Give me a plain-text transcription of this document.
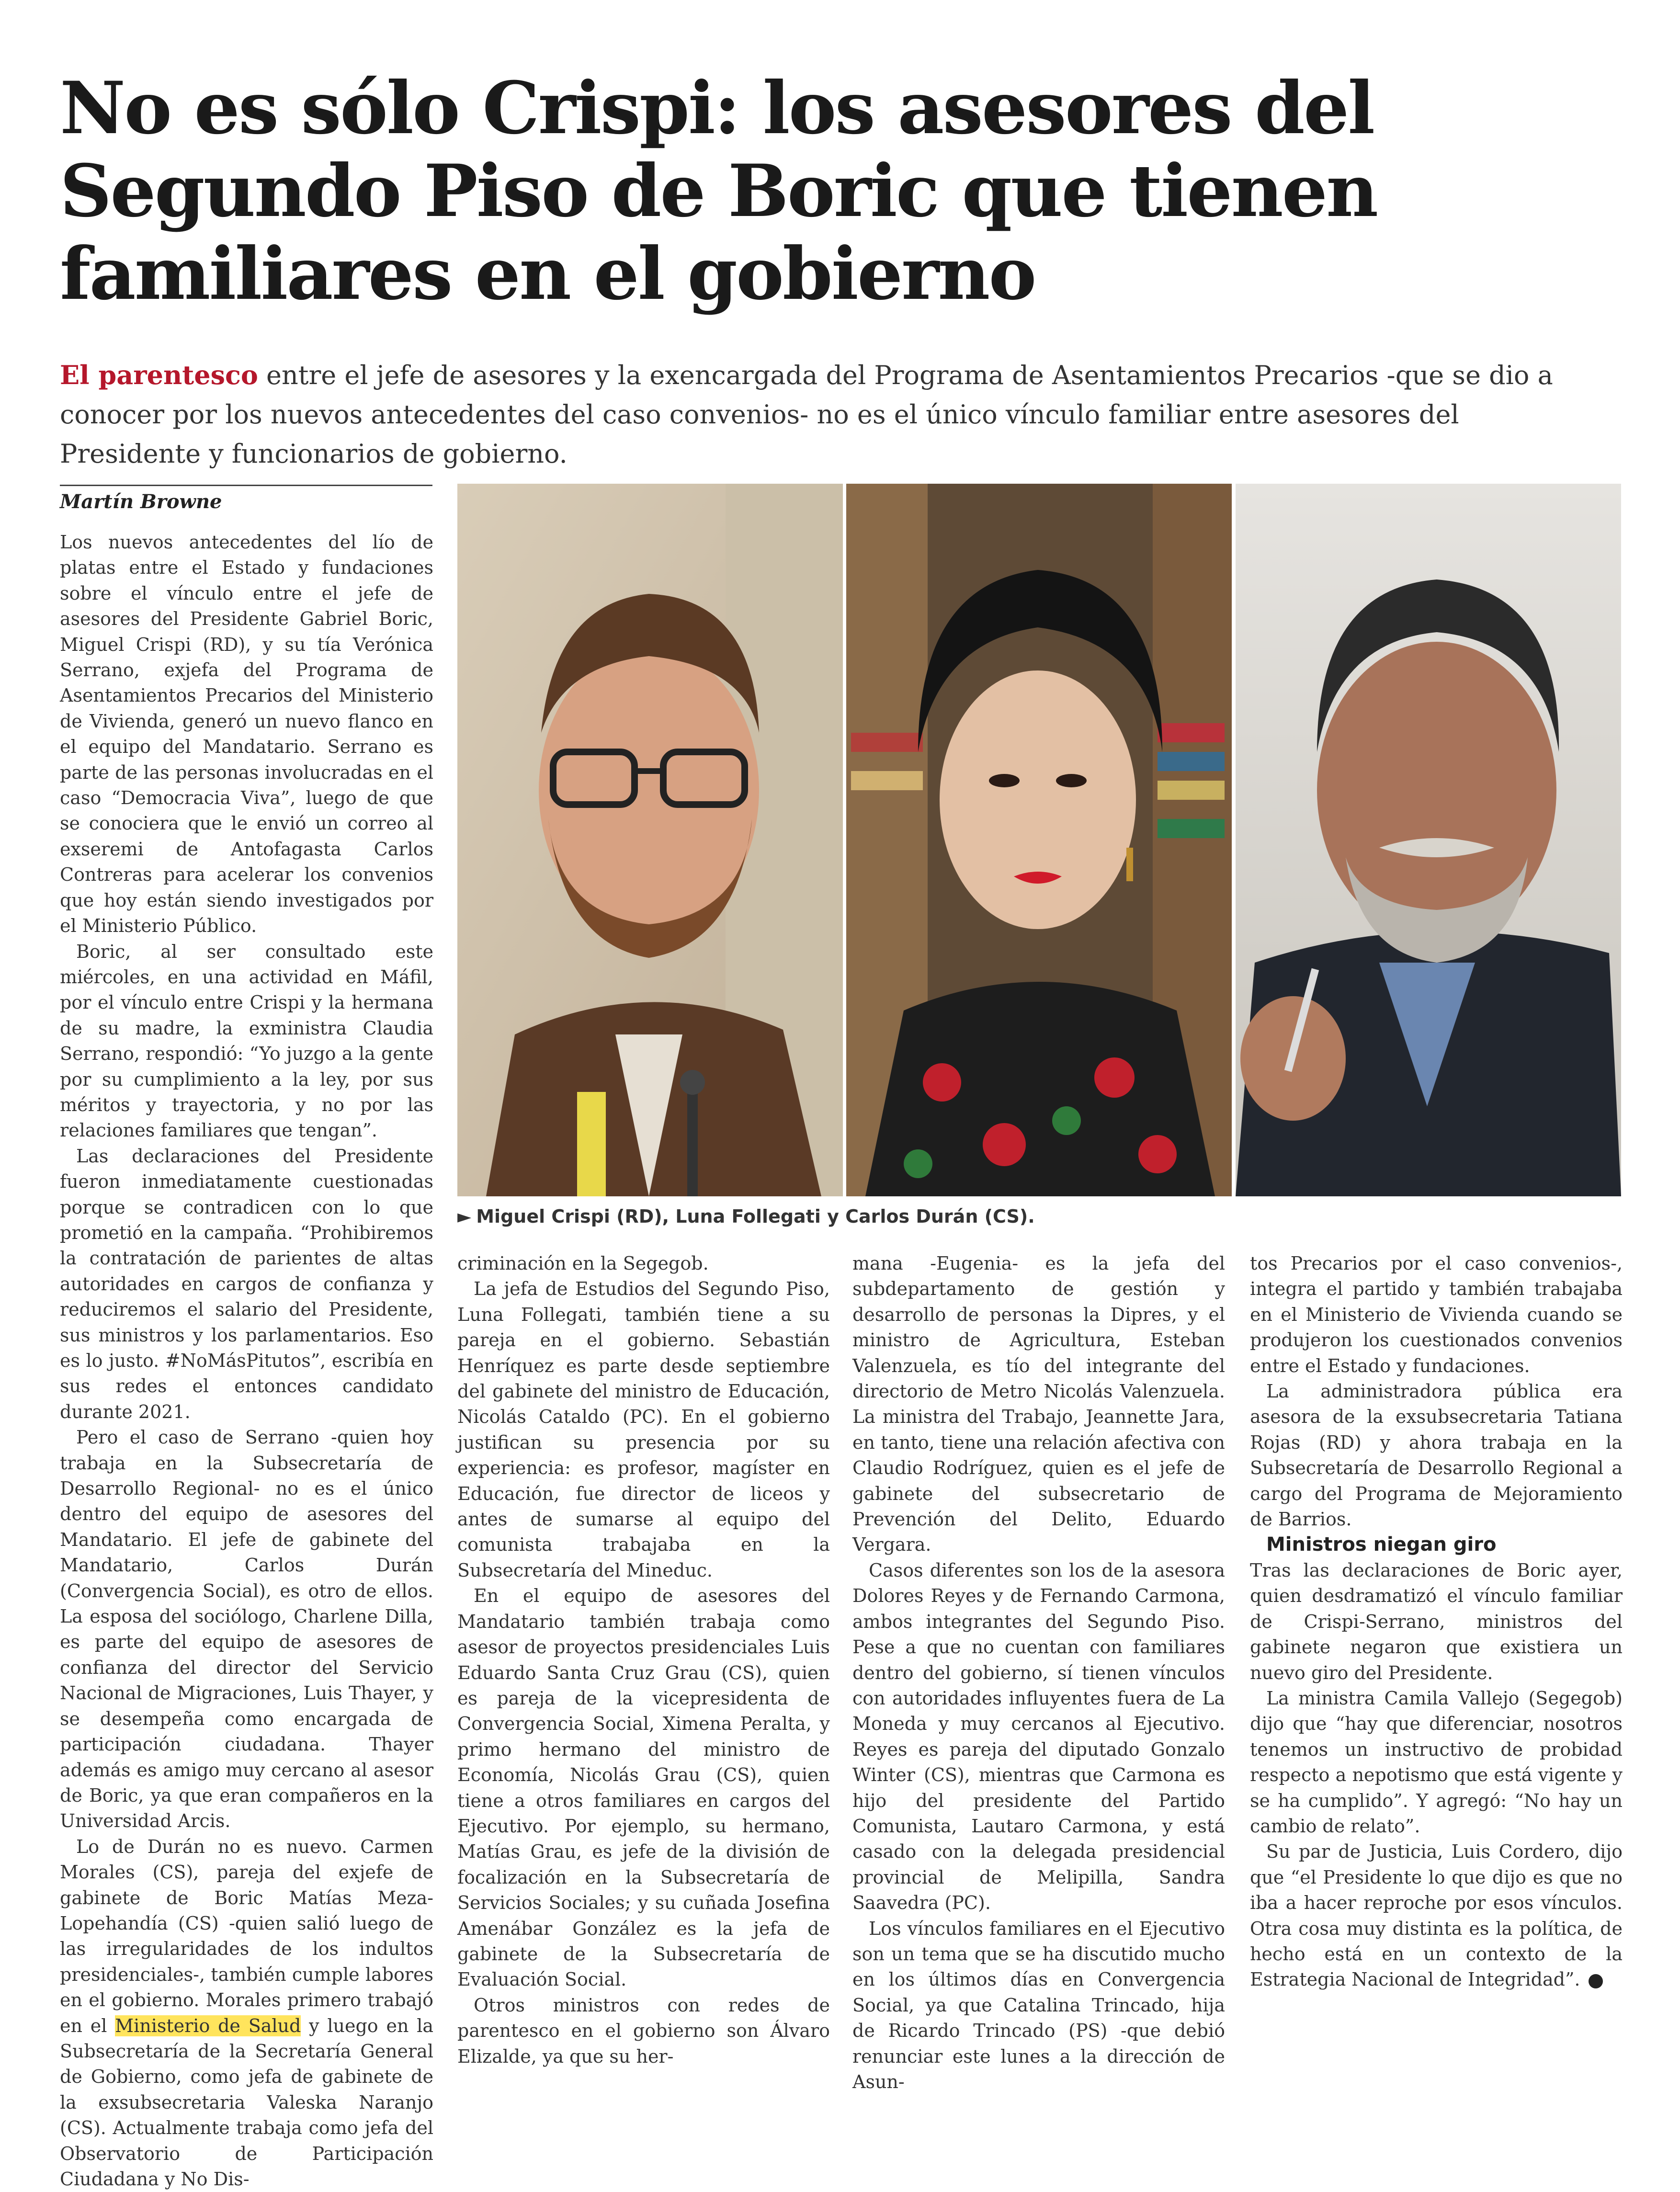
No es sólo Crispi: los asesores del Segundo Piso de Boric que tienen familiares en el gobierno
El parentesco entre el jefe de asesores y la exencargada del Programa de Asentamientos Precarios -que se dio a conocer por los nuevos antecedentes del caso convenios- no es el único vínculo familiar entre asesores del Presidente y funcionarios de gobierno.
Martín Browne

Los nuevos antecedentes del lío de platas entre el Estado y fundaciones sobre el vínculo entre el jefe de asesores del Presidente Gabriel Boric, Miguel Crispi (RD), y su tía Verónica Serrano, exjefa del Programa de Asentamientos Precarios del Ministerio de Vivienda, generó un nuevo flanco en el equipo del Mandatario. Serrano es parte de las personas involucradas en el caso “Democracia Viva”, luego de que se conociera que le envió un correo al exseremi de Antofagasta Carlos Contreras para acelerar los convenios que hoy están siendo investigados por el Ministerio Público.

Boric, al ser consultado este miércoles, en una actividad en Máfil, por el vínculo entre Crispi y la hermana de su madre, la exministra Claudia Serrano, respondió: “Yo juzgo a la gente por su cumplimiento a la ley, por sus méritos y trayectoria, y no por las relaciones familiares que tengan”.

Las declaraciones del Presidente fueron inmediatamente cuestionadas porque se contradicen con lo que prometió en la campaña. “Prohibiremos la contratación de parientes de altas autoridades en cargos de confianza y reduciremos el salario del Presidente, sus ministros y los parlamentarios. Eso es lo justo. #NoMásPitutos”, escribía en sus redes el entonces candidato durante 2021.

Pero el caso de Serrano -quien hoy trabaja en la Subsecretaría de Desarrollo Regional- no es el único dentro del equipo de asesores del Mandatario. El jefe de gabinete del Mandatario, Carlos Durán (Convergencia Social), es otro de ellos. La esposa del sociólogo, Charlene Dilla, es parte del equipo de asesores de confianza del director del Servicio Nacional de Migraciones, Luis Thayer, y se desempeña como encargada de participación ciudadana. Thayer además es amigo muy cercano al asesor de Boric, ya que eran compañeros en la Universidad Arcis.

Lo de Durán no es nuevo. Carmen Morales (CS), pareja del exjefe de gabinete de Boric Matías Meza-Lopehandía (CS) -quien salió luego de las irregularidades de los indultos presidenciales-, también cumple labores en el gobierno. Morales primero trabajó en el Ministerio de Salud y luego en la Subsecretaría de la Secretaría General de Gobierno, como jefa de gabinete de la exsubsecretaria Valeska Naranjo (CS). Actualmente trabaja como jefa del Observatorio de Participación Ciudadana y No Dis-

► Miguel Crispi (RD), Luna Follegati y Carlos Durán (CS).

criminación en la Segegob.

La jefa de Estudios del Segundo Piso, Luna Follegati, también tiene a su pareja en el gobierno. Sebastián Henríquez es parte desde septiembre del gabinete del ministro de Educación, Nicolás Cataldo (PC). En el gobierno justifican su presencia por su experiencia: es profesor, magíster en Educación, fue director de liceos y antes de sumarse al equipo del comunista trabajaba en la Subsecretaría del Mineduc.

En el equipo de asesores del Mandatario también trabaja como asesor de proyectos presidenciales Luis Eduardo Santa Cruz Grau (CS), quien es pareja de la vicepresidenta de Convergencia Social, Ximena Peralta, y primo hermano del ministro de Economía, Nicolás Grau (CS), quien tiene a otros familiares en cargos del Ejecutivo. Por ejemplo, su hermano, Matías Grau, es jefe de la división de focalización en la Subsecretaría de Servicios Sociales; y su cuñada Josefina Amenábar González es la jefa de gabinete de la Subsecretaría de Evaluación Social.

Otros ministros con redes de parentesco en el gobierno son Álvaro Elizalde, ya que su her-

mana -Eugenia- es la jefa del subdepartamento de gestión y desarrollo de personas la Dipres, y el ministro de Agricultura, Esteban Valenzuela, es tío del integrante del directorio de Metro Nicolás Valenzuela. La ministra del Trabajo, Jeannette Jara, en tanto, tiene una relación afectiva con Claudio Rodríguez, quien es el jefe de gabinete del subsecretario de Prevención del Delito, Eduardo Vergara.

Casos diferentes son los de la asesora Dolores Reyes y de Fernando Carmona, ambos integrantes del Segundo Piso. Pese a que no cuentan con familiares dentro del gobierno, sí tienen vínculos con autoridades influyentes fuera de La Moneda y muy cercanos al Ejecutivo. Reyes es pareja del diputado Gonzalo Winter (CS), mientras que Carmona es hijo del presidente del Partido Comunista, Lautaro Carmona, y está casado con la delegada presidencial provincial de Melipilla, Sandra Saavedra (PC).

Los vínculos familiares en el Ejecutivo son un tema que se ha discutido mucho en los últimos días en Convergencia Social, ya que Catalina Trincado, hija de Ricardo Trincado (PS) -que debió renunciar este lunes a la dirección de Asun-

tos Precarios por el caso convenios-, integra el partido y también trabajaba en el Ministerio de Vivienda cuando se produjeron los cuestionados convenios entre el Estado y fundaciones.

La administradora pública era asesora de la exsubsecretaria Tatiana Rojas (RD) y ahora trabaja en la Subsecretaría de Desarrollo Regional a cargo del Programa de Mejoramiento de Barrios.

Ministros niegan giro

Tras las declaraciones de Boric ayer, quien desdramatizó el vínculo familiar de Crispi-Serrano, ministros del gabinete negaron que existiera un nuevo giro del Presidente.

La ministra Camila Vallejo (Segegob) dijo que “hay que diferenciar, nosotros tenemos un instructivo de probidad respecto a nepotismo que está vigente y se ha cumplido”. Y agregó: “No hay un cambio de relato”.

Su par de Justicia, Luis Cordero, dijo que “el Presidente lo que dijo es que no iba a hacer reproche por esos vínculos. Otra cosa muy distinta es la política, de hecho está en un contexto de la Estrategia Nacional de Integridad”.
